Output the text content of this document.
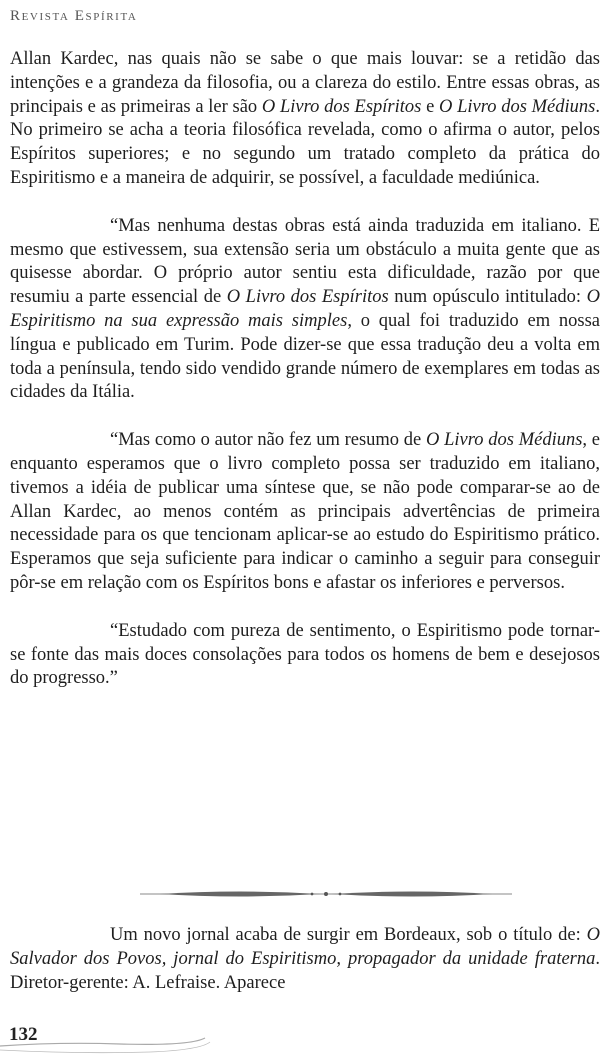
Revista Espírita

Allan Kardec, nas quais não se sabe o que mais louvar: se a retidão das intenções e a grandeza da filosofia, ou a clareza do estilo. Entre essas obras, as principais e as primeiras a ler são O Livro dos Espíritos e O Livro dos Médiuns. No primeiro se acha a teoria filosófica revelada, como o afirma o autor, pelos Espíritos superiores; e no segundo um tratado completo da prática do Espiritismo e a maneira de adquirir, se possível, a faculdade mediúnica.

“Mas nenhuma destas obras está ainda traduzida em italiano. E mesmo que estivessem, sua extensão seria um obstáculo a muita gente que as quisesse abordar. O próprio autor sentiu esta dificuldade, razão por que resumiu a parte essencial de O Livro dos Espíritos num opúsculo intitulado: O Espiritismo na sua expressão mais simples, o qual foi traduzido em nossa língua e publicado em Turim. Pode dizer-se que essa tradução deu a volta em toda a península, tendo sido vendido grande número de exemplares em todas as cidades da Itália.

“Mas como o autor não fez um resumo de O Livro dos Médiuns, e enquanto esperamos que o livro completo possa ser traduzido em italiano, tivemos a idéia de publicar uma síntese que, se não pode comparar-se ao de Allan Kardec, ao menos contém as principais advertências de primeira necessidade para os que tencionam aplicar-se ao estudo do Espiritismo prático. Esperamos que seja suficiente para indicar o caminho a seguir para conseguir pôr-se em relação com os Espíritos bons e afastar os inferiores e perversos.

“Estudado com pureza de sentimento, o Espiritismo pode tornar-se fonte das mais doces consolações para todos os homens de bem e desejosos do progresso.”

Um novo jornal acaba de surgir em Bordeaux, sob o título de: O Salvador dos Povos, jornal do Espiritismo, propagador da unidade fraterna. Diretor-gerente: A. Lefraise. Aparece

132
